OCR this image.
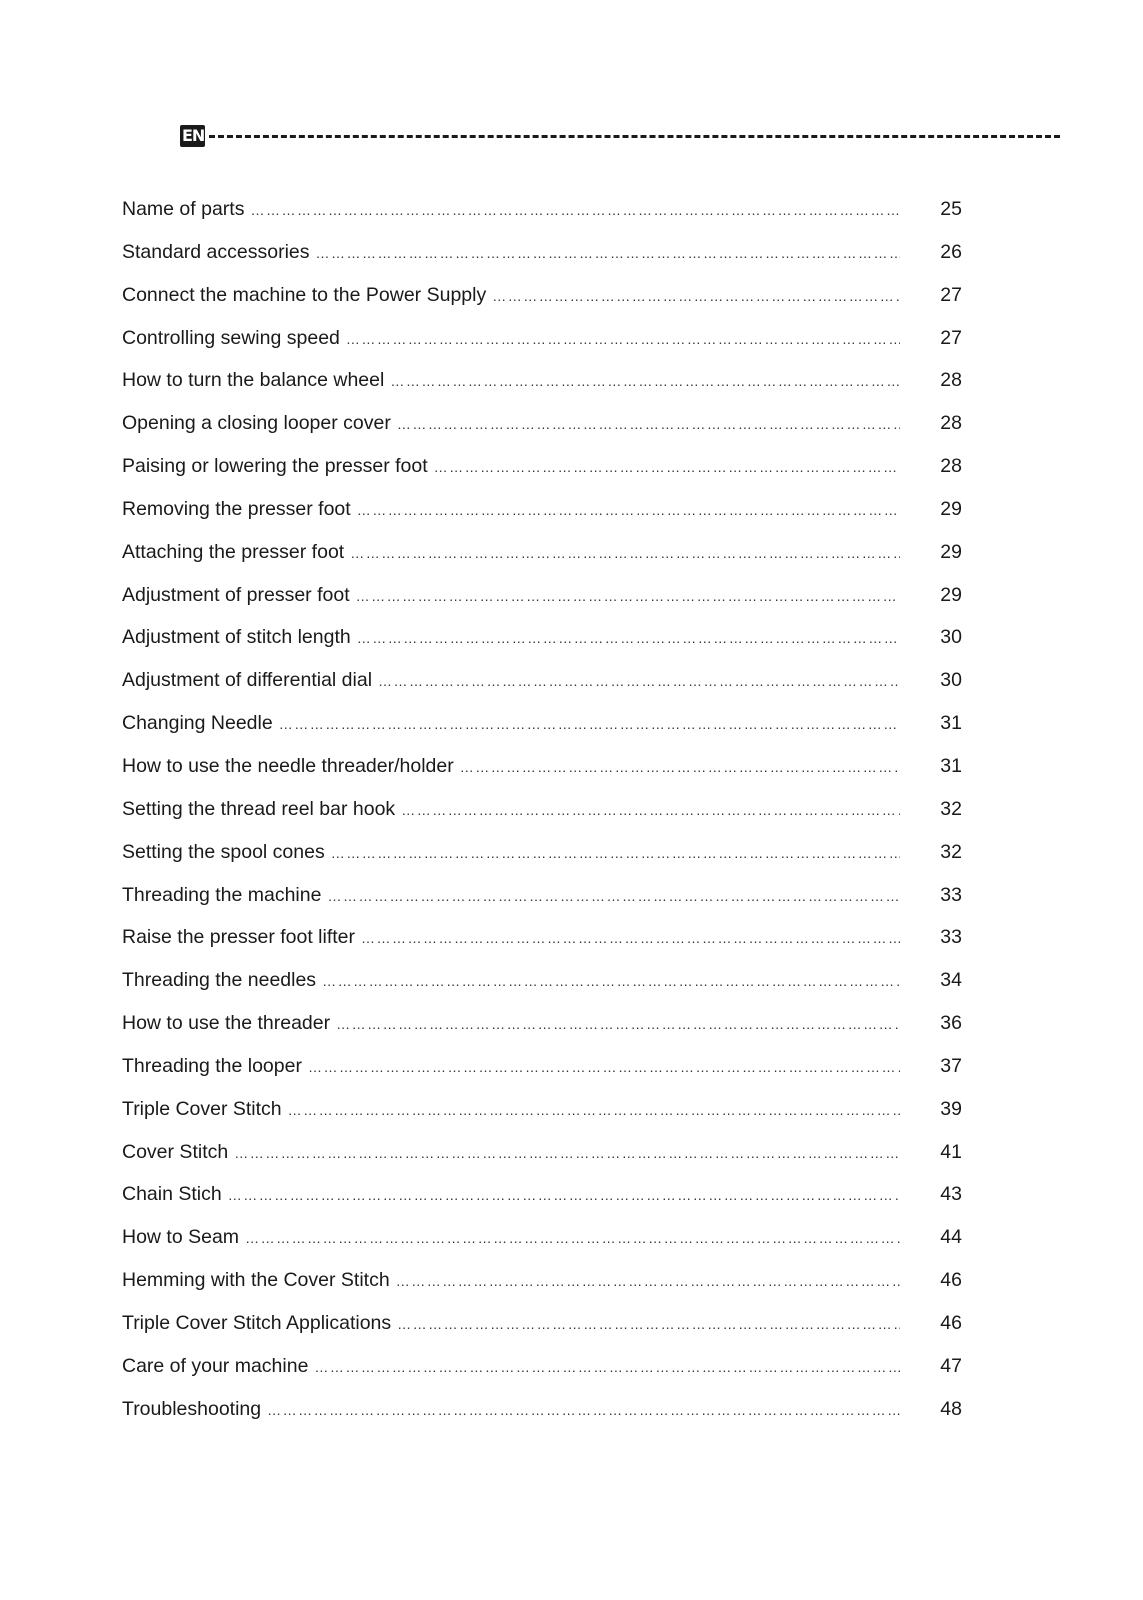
EN
Name of parts ………………………………………………………………………………………………………………………………………………………………………………………	25
Standard accessories ………………………………………………………………………………………………………………………………………………………………………………………	26
Connect the machine to the Power Supply ………………………………………………………………………………………………………………………………………………………………………………………	27
Controlling sewing speed ………………………………………………………………………………………………………………………………………………………………………………………	27
How to turn the balance wheel ………………………………………………………………………………………………………………………………………………………………………………………	28
Opening a closing looper cover ………………………………………………………………………………………………………………………………………………………………………………………	28
Paising or lowering the presser foot ………………………………………………………………………………………………………………………………………………………………………………………	28
Removing the presser foot ………………………………………………………………………………………………………………………………………………………………………………………	29
Attaching the presser foot ………………………………………………………………………………………………………………………………………………………………………………………	29
Adjustment of presser foot ………………………………………………………………………………………………………………………………………………………………………………………	29
Adjustment of stitch length ………………………………………………………………………………………………………………………………………………………………………………………	30
Adjustment of differential dial ………………………………………………………………………………………………………………………………………………………………………………………	30
Changing Needle ………………………………………………………………………………………………………………………………………………………………………………………	31
How to use the needle threader/holder ………………………………………………………………………………………………………………………………………………………………………………………	31
Setting the thread reel bar hook ………………………………………………………………………………………………………………………………………………………………………………………	32
Setting the spool cones ………………………………………………………………………………………………………………………………………………………………………………………	32
Threading the machine ………………………………………………………………………………………………………………………………………………………………………………………	33
Raise the presser foot lifter ………………………………………………………………………………………………………………………………………………………………………………………	33
Threading the needles ………………………………………………………………………………………………………………………………………………………………………………………	34
How to use the threader ………………………………………………………………………………………………………………………………………………………………………………………	36
Threading the looper ………………………………………………………………………………………………………………………………………………………………………………………	37
Triple Cover Stitch ………………………………………………………………………………………………………………………………………………………………………………………	39
Cover Stitch ………………………………………………………………………………………………………………………………………………………………………………………	41
Chain Stich ………………………………………………………………………………………………………………………………………………………………………………………	43
How to Seam ………………………………………………………………………………………………………………………………………………………………………………………	44
Hemming with the Cover Stitch ………………………………………………………………………………………………………………………………………………………………………………………	46
Triple Cover Stitch Applications ………………………………………………………………………………………………………………………………………………………………………………………	46
Care of your machine ………………………………………………………………………………………………………………………………………………………………………………………	47
Troubleshooting ………………………………………………………………………………………………………………………………………………………………………………………	48
